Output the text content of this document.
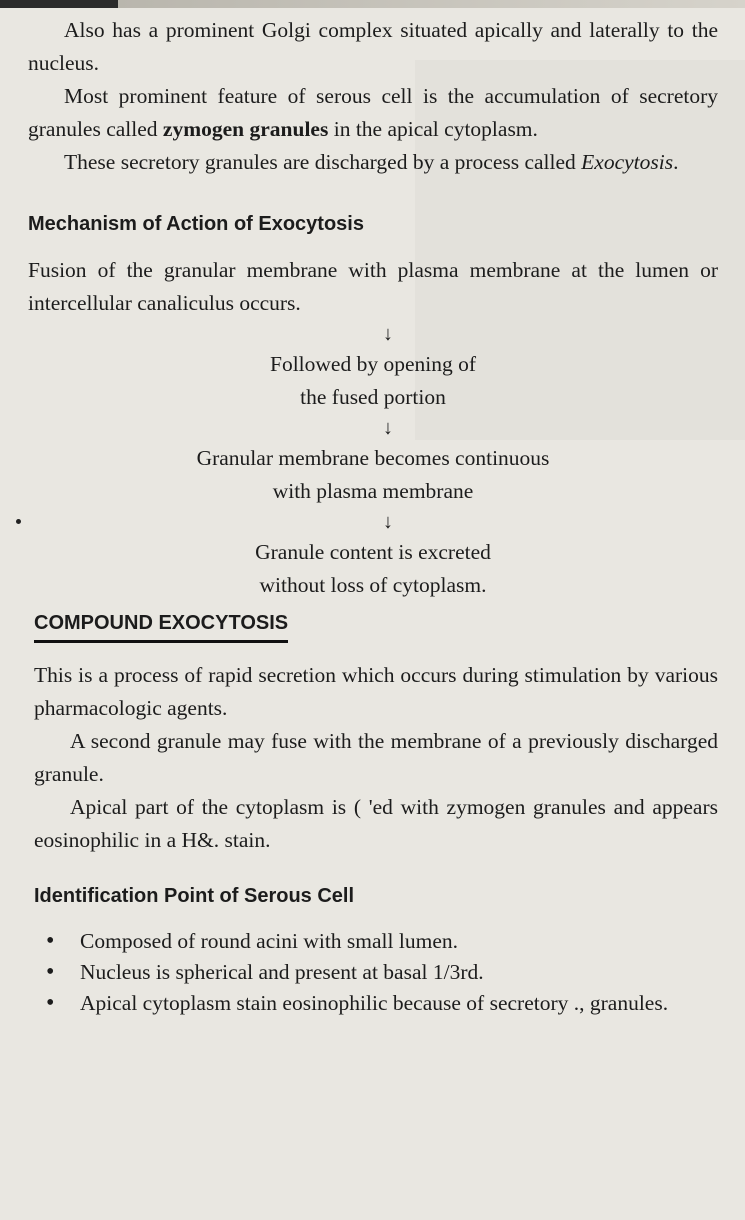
Also has a prominent Golgi complex situated apically and laterally to the nucleus.

Most prominent feature of serous cell is the accumulation of secretory granules called zymogen granules in the apical cytoplasm.

These secretory granules are discharged by a process called Exocytosis.

Mechanism of Action of Exocytosis

Fusion of the granular membrane with plasma membrane at the lumen or intercellular canaliculus occurs.

↓
Followed by opening of
the fused portion
↓
Granular membrane becomes continuous
with plasma membrane
↓
Granule content is excreted
without loss of cytoplasm.
COMPOUND EXOCYTOSIS

This is a process of rapid secretion which occurs during stimulation by various pharmacologic agents.

A second granule may fuse with the membrane of a previously discharged granule.

Apical part of the cytoplasm is ( 'ed with zymogen granules and appears eosinophilic in a H&. stain.

Identification Point of Serous Cell
• Composed of round acini with small lumen.
• Nucleus is spherical and present at basal 1/3rd.
• Apical cytoplasm stain eosinophilic because of secretory ., granules.
